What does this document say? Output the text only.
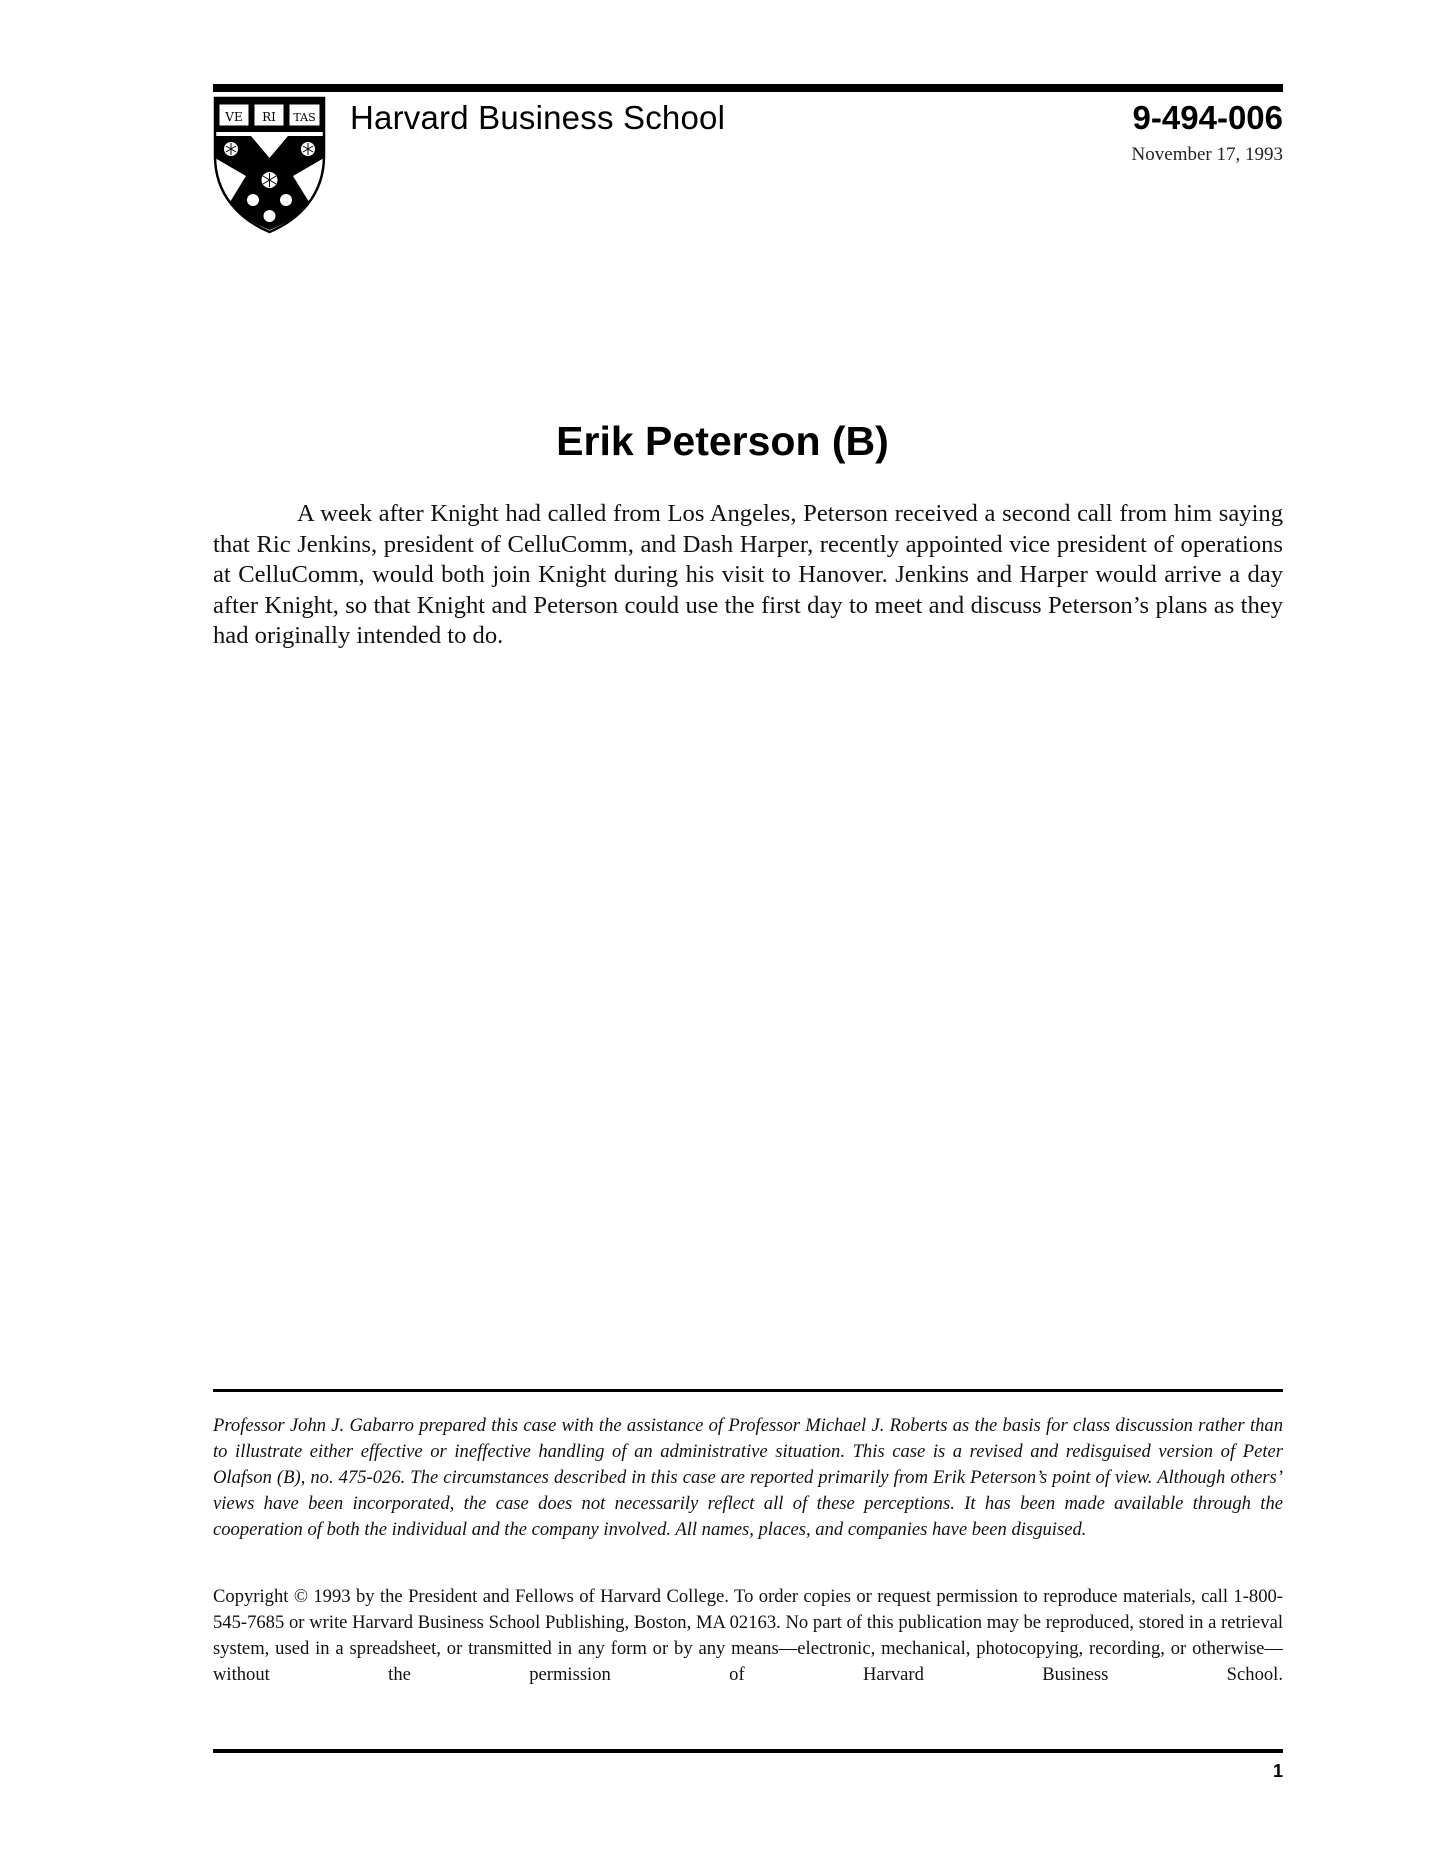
VE RI TAS Harvard Business School	9-494-006
November 17, 1993
Erik Peterson (B)

A week after Knight had called from Los Angeles, Peterson received a second call from him saying that Ric Jenkins, president of CelluComm, and Dash Harper, recently appointed vice president of operations at CelluComm, would both join Knight during his visit to Hanover. Jenkins and Harper would arrive a day after Knight, so that Knight and Peterson could use the first day to meet and discuss Peterson’s plans as they had originally intended to do.

Professor John J. Gabarro prepared this case with the assistance of Professor Michael J. Roberts as the basis for class discussion rather than to illustrate either effective or ineffective handling of an administrative situation. This case is a revised and redisguised version of Peter Olafson (B), no. 475-026. The circumstances described in this case are reported primarily from Erik Peterson’s point of view. Although others’ views have been incorporated, the case does not necessarily reflect all of these perceptions. It has been made available through the cooperation of both the individual and the company involved. All names, places, and companies have been disguised.

Copyright © 1993 by the President and Fellows of Harvard College. To order copies or request permission to reproduce materials, call 1-800-545-7685 or write Harvard Business School Publishing, Boston, MA 02163. No part of this publication may be reproduced, stored in a retrieval system, used in a spreadsheet, or transmitted in any form or by any means—electronic, mechanical, photocopying, recording, or otherwise—without the permission of Harvard Business School.

1
